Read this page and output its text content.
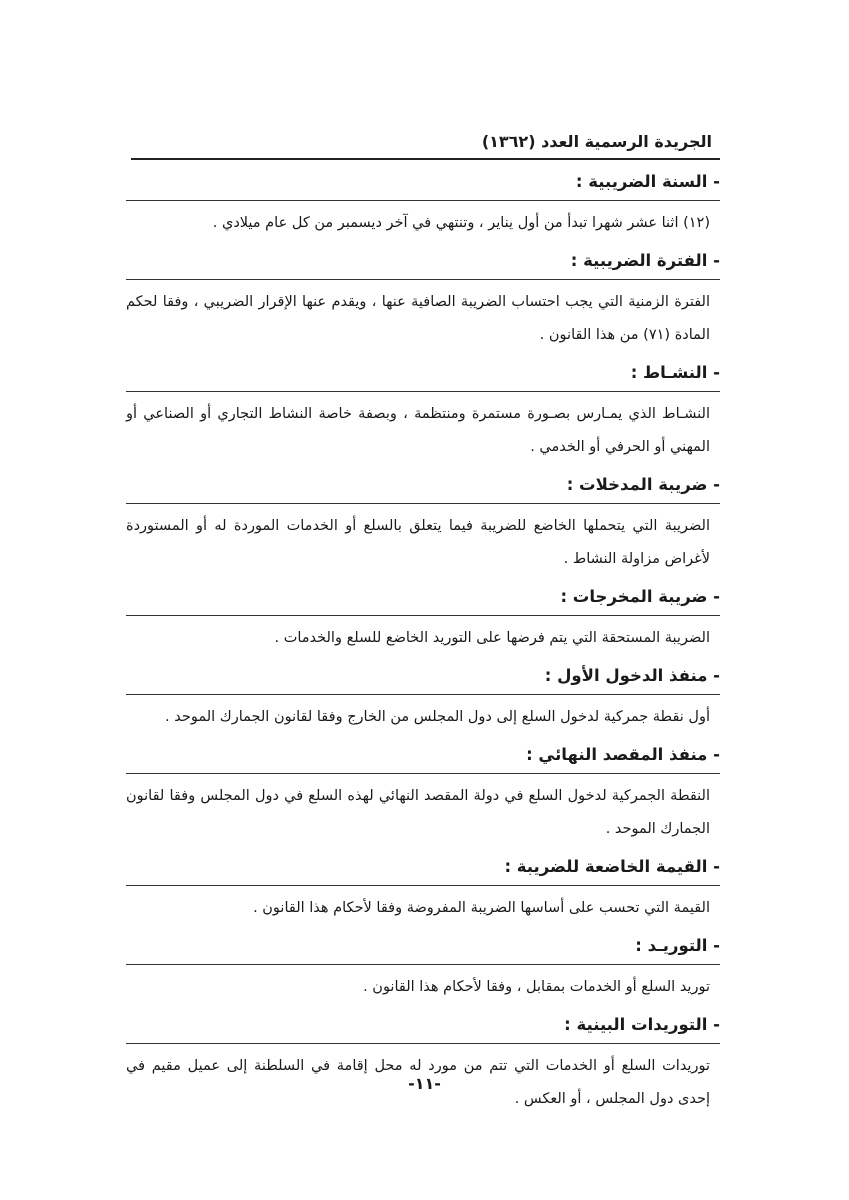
الجريدة الرسمية العدد (١٣٦٢)
- السنة الضريبية :
(١٢) اثنا عشر شهرا تبدأ من أول يناير ، وتنتهي في آخر ديسمبر من كل عام ميلادي .
- الفترة الضريبية :
الفترة الزمنية التي يجب احتساب الضريبة الصافية عنها ، ويقدم عنها الإقرار الضريبي ، وفقا لحكم المادة (٧١) من هذا القانون .
- النشـاط :
النشـاط الذي يمـارس بصـورة مستمرة ومنتظمة ، وبصفة خاصة النشاط التجاري أو الصناعي أو المهني أو الحرفي أو الخدمي .
- ضريبة المدخلات :
الضريبة التي يتحملها الخاضع للضريبة فيما يتعلق بالسلع أو الخدمات الموردة له أو المستوردة لأغراض مزاولة النشاط .
- ضريبة المخرجات :
الضريبة المستحقة التي يتم فرضها على التوريد الخاضع للسلع والخدمات .
- منفذ الدخول الأول :
أول نقطة جمركية لدخول السلع إلى دول المجلس من الخارج وفقا لقانون الجمارك الموحد .
- منفذ المقصد النهائي :
النقطة الجمركية لدخول السلع في دولة المقصد النهائي لهذه السلع في دول المجلس وفقا لقانون الجمارك الموحد .
- القيمة الخاضعة للضريبة :
القيمة التي تحسب على أساسها الضريبة المفروضة وفقا لأحكام هذا القانون .
- التوريـد :
توريد السلع أو الخدمات بمقابل ، وفقا لأحكام هذا القانون .
- التوريدات البينية :
توريدات السلع أو الخدمات التي تتم من مورد له محل إقامة في السلطنة إلى عميل مقيم في إحدى دول المجلس ، أو العكس .
-١١-
